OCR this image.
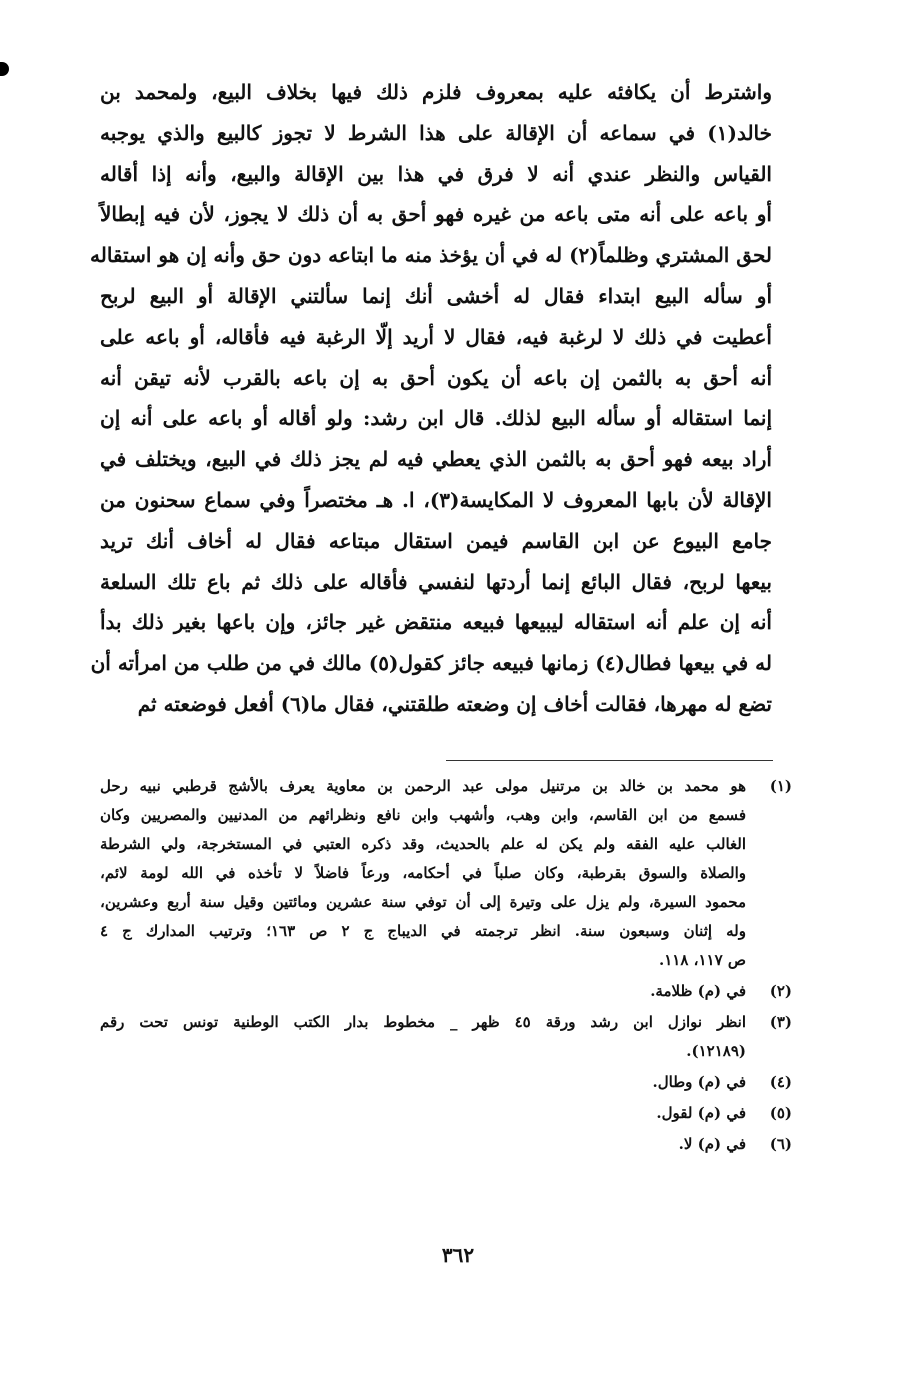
واشترط أن يكافئه عليه بمعروف فلزم ذلك فيها بخلاف البيع، ولمحمد بن
خالد(١) في سماعه أن الإقالة على هذا الشرط لا تجوز كالبيع والذي يوجبه
القياس والنظر عندي أنه لا فرق في هذا بين الإقالة والبيع، وأنه إذا أقاله
أو باعه على أنه متى باعه من غيره فهو أحق به أن ذلك لا يجوز، لأن فيه إبطالاً
لحق المشتري وظلماً(٢) له في أن يؤخذ منه ما ابتاعه دون حق وأنه إن هو استقاله
أو سأله البيع ابتداء فقال له أخشى أنك إنما سألتني الإقالة أو البيع لربح
أعطيت في ذلك لا لرغبة فيه، فقال لا أريد إلّا الرغبة فيه فأقاله، أو باعه على
أنه أحق به بالثمن إن باعه أن يكون أحق به إن باعه بالقرب لأنه تيقن أنه
إنما استقاله أو سأله البيع لذلك. قال ابن رشد: ولو أقاله أو باعه على أنه إن
أراد بيعه فهو أحق به بالثمن الذي يعطي فيه لم يجز ذلك في البيع، ويختلف في
الإقالة لأن بابها المعروف لا المكايسة(٣)، ا. هـ مختصراً وفي سماع سحنون من
جامع البيوع عن ابن القاسم فيمن استقال مبتاعه فقال له أخاف أنك تريد
بيعها لربح، فقال البائع إنما أردتها لنفسي فأقاله على ذلك ثم باع تلك السلعة
أنه إن علم أنه استقاله ليبيعها فبيعه منتقض غير جائز، وإن باعها بغير ذلك بدأ
له في بيعها فطال(٤) زمانها فبيعه جائز كقول(٥) مالك في من طلب من امرأته أن
تضع له مهرها، فقالت أخاف إن وضعته طلقتني، فقال ما(٦) أفعل فوضعته ثم
(١)
هو محمد بن خالد بن مرتنيل مولى عبد الرحمن بن معاوية يعرف بالأشج قرطبي نبيه رحل
فسمع من ابن القاسم، وابن وهب، وأشهب وابن نافع ونظرائهم من المدنيين والمصريين وكان
الغالب عليه الفقه ولم يكن له علم بالحديث، وقد ذكره العتبي في المستخرجة، ولي الشرطة
والصلاة والسوق بقرطبة، وكان صلباً في أحكامه، ورعاً فاضلاً لا تأخذه في الله لومة لائم،
محمود السيرة، ولم يزل على وتيرة إلى أن توفي سنة عشرين ومائتين وقيل سنة أربع وعشرين،
وله إثنان وسبعون سنة. انظر ترجمته في الديباج ج ٢ ص ١٦٣؛ وترتيب المدارك ج ٤
ص ١١٧، ١١٨.
(٢)
في (م) ظلامة.
(٣)
انظر نوازل ابن رشد ورقة ٤٥ ظهر _ مخطوط بدار الكتب الوطنية تونس تحت رقم
(١٢١٨٩).
(٤)
في (م) وطال.
(٥)
في (م) لقول.
(٦)
في (م) لا.
٣٦٢
